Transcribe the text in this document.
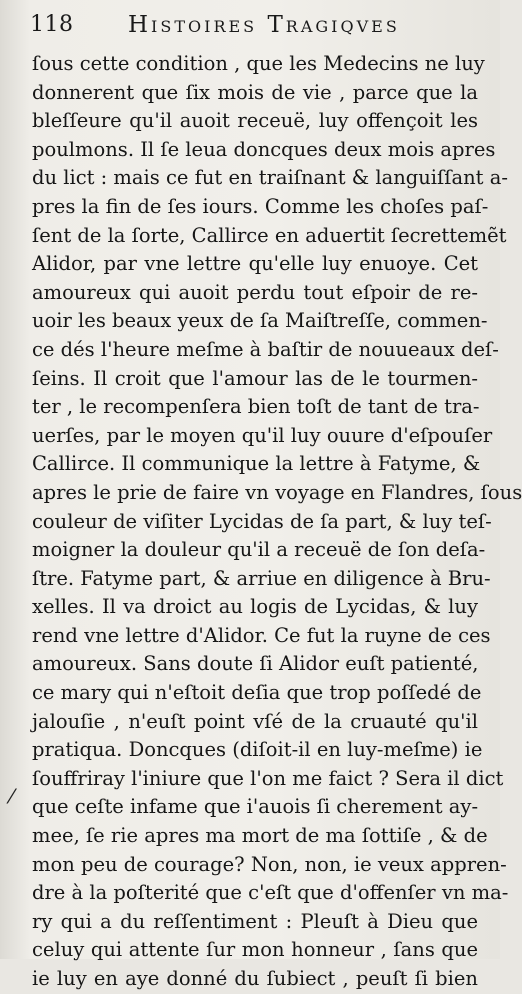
118 Histoires Tragiqves
ſous cette condition , que les Medecins ne luy
donnerent que ſix mois de vie , parce que la
bleſſeure qu'il auoit receuë, luy offençoit les
poulmons. Il ſe leua doncques deux mois apres
du lict : mais ce fut en traiſnant & languiſſant a-
pres la fin de ſes iours. Comme les choſes paſ-
ſent de la ſorte, Callirce en aduertit ſecrettemẽt
Alidor, par vne lettre qu'elle luy enuoye. Cet
amoureux qui auoit perdu tout eſpoir de re-
uoir les beaux yeux de ſa Maiſtreſſe, commen-
ce dés l'heure meſme à baſtir de nouueaux deſ-
ſeins. Il croit que l'amour las de le tourmen-
ter , le recompenſera bien toſt de tant de tra-
uerſes, par le moyen qu'il luy ouure d'eſpouſer
Callirce. Il communique la lettre à Fatyme, &
apres le prie de faire vn voyage en Flandres, ſous
couleur de viſiter Lycidas de ſa part, & luy teſ-
moigner la douleur qu'il a receuë de ſon deſa-
ſtre. Fatyme part, & arriue en diligence à Bru-
xelles. Il va droict au logis de Lycidas, & luy
rend vne lettre d'Alidor. Ce fut la ruyne de ces
amoureux. Sans doute ſi Alidor euſt patienté,
ce mary qui n'eſtoit deſia que trop poſſedé de
jalouſie , n'euſt point vſé de la cruauté qu'il
pratiqua. Doncques (diſoit-il en luy-meſme) ie
ſouffriray l'iniure que l'on me faict ? Sera il dict
que ceſte infame que i'auois ſi cherement ay-
mee, ſe rie apres ma mort de ma ſottiſe , & de
mon peu de courage? Non, non, ie veux appren-
dre à la poſterité que c'eſt que d'offenſer vn ma-
ry qui a du reſſentiment : Pleuſt à Dieu que
celuy qui attente ſur mon honneur , ſans que
ie luy en aye donné du ſubiect , peuſt ſi bien
⁄
